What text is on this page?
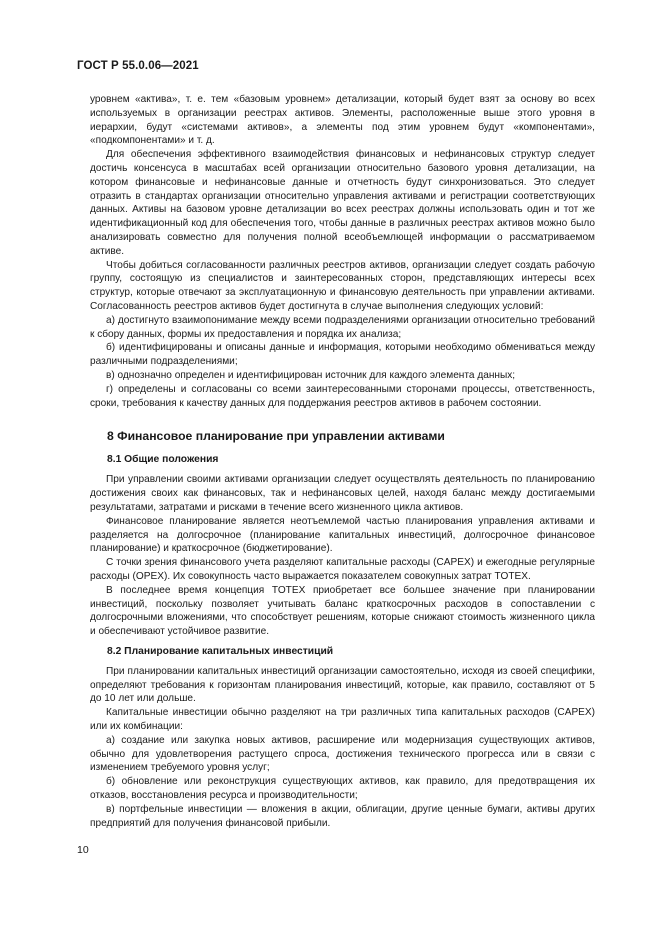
ГОСТ Р 55.0.06—2021

уровнем «актива», т. е. тем «базовым уровнем» детализации, который будет взят за основу во всех используемых в организации реестрах активов. Элементы, расположенные выше этого уровня в иерархии, будут «системами активов», а элементы под этим уровнем будут «компонентами», «подкомпонентами» и т. д.

Для обеспечения эффективного взаимодействия финансовых и нефинансовых структур следует достичь консенсуса в масштабах всей организации относительно базового уровня детализации, на котором финансовые и нефинансовые данные и отчетность будут синхронизоваться. Это следует отразить в стандартах организации относительно управления активами и регистрации соответствующих данных. Активы на базовом уровне детализации во всех реестрах должны использовать один и тот же идентификационный код для обеспечения того, чтобы данные в различных реестрах активов можно было анализировать совместно для получения полной всеобъемлющей информации о рассматриваемом активе.

Чтобы добиться согласованности различных реестров активов, организации следует создать рабочую группу, состоящую из специалистов и заинтересованных сторон, представляющих интересы всех структур, которые отвечают за эксплуатационную и финансовую деятельность при управлении активами. Согласованность реестров активов будет достигнута в случае выполнения следующих условий:

а) достигнуто взаимопонимание между всеми подразделениями организации относительно требований к сбору данных, формы их предоставления и порядка их анализа;

б) идентифицированы и описаны данные и информация, которыми необходимо обмениваться между различными подразделениями;

в) однозначно определен и идентифицирован источник для каждого элемента данных;

г) определены и согласованы со всеми заинтересованными сторонами процессы, ответственность, сроки, требования к качеству данных для поддержания реестров активов в рабочем состоянии.

8 Финансовое планирование при управлении активами
8.1 Общие положения

При управлении своими активами организации следует осуществлять деятельность по планированию достижения своих как финансовых, так и нефинансовых целей, находя баланс между достигаемыми результатами, затратами и рисками в течение всего жизненного цикла активов.

Финансовое планирование является неотъемлемой частью планирования управления активами и разделяется на долгосрочное (планирование капитальных инвестиций, долгосрочное финансовое планирование) и краткосрочное (бюджетирование).

С точки зрения финансового учета разделяют капитальные расходы (CAPEX) и ежегодные регулярные расходы (OPEX). Их совокупность часто выражается показателем совокупных затрат TOTEX.

В последнее время концепция TOTEX приобретает все большее значение при планировании инвестиций, поскольку позволяет учитывать баланс краткосрочных расходов в сопоставлении с долгосрочными вложениями, что способствует решениям, которые снижают стоимость жизненного цикла и обеспечивают устойчивое развитие.

8.2 Планирование капитальных инвестиций

При планировании капитальных инвестиций организации самостоятельно, исходя из своей специфики, определяют требования к горизонтам планирования инвестиций, которые, как правило, составляют от 5 до 10 лет или дольше.

Капитальные инвестиции обычно разделяют на три различных типа капитальных расходов (CAPEX) или их комбинации:

а) создание или закупка новых активов, расширение или модернизация существующих активов, обычно для удовлетворения растущего спроса, достижения технического прогресса или в связи с изменением требуемого уровня услуг;

б) обновление или реконструкция существующих активов, как правило, для предотвращения их отказов, восстановления ресурса и производительности;

в) портфельные инвестиции — вложения в акции, облигации, другие ценные бумаги, активы других предприятий для получения финансовой прибыли.

10
